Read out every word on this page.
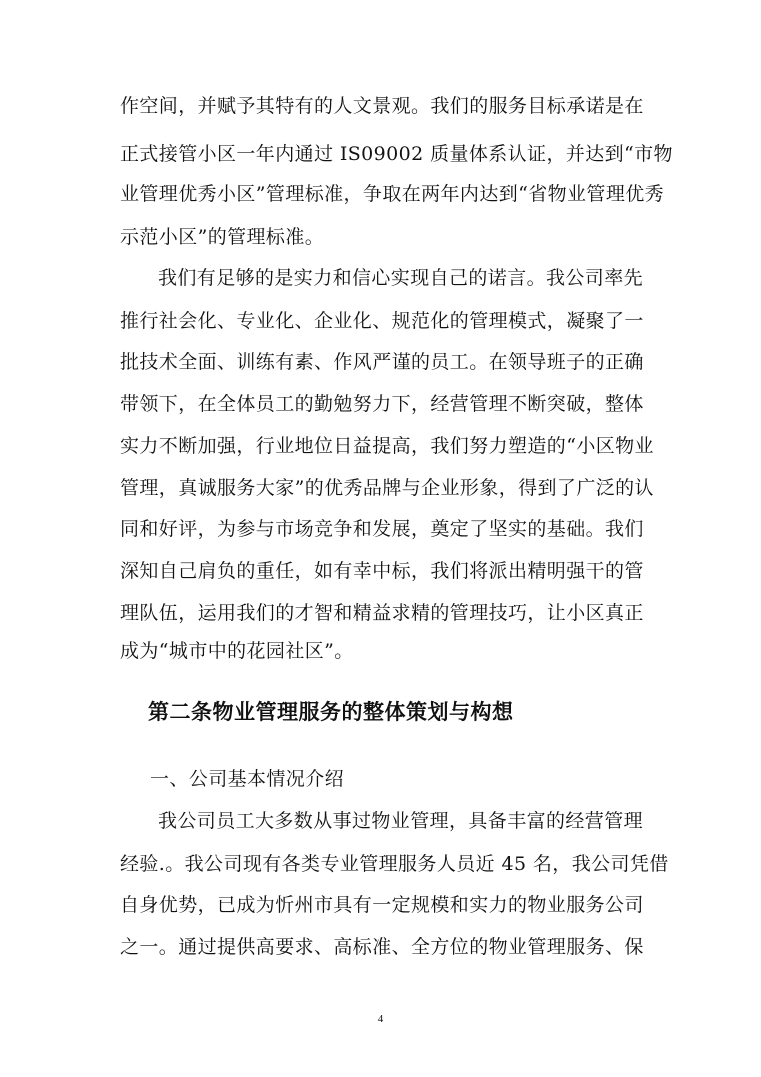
作空间，并赋予其特有的人文景观。我们的服务目标承诺是在
正式接管小区一年内通过 IS09002 质量体系认证，并达到“市物
业管理优秀小区”管理标准，争取在两年内达到“省物业管理优秀
示范小区”的管理标准。
我们有足够的是实力和信心实现自己的诺言。我公司率先
推行社会化、专业化、企业化、规范化的管理模式，凝聚了一
批技术全面、训练有素、作风严谨的员工。在领导班子的正确
带领下，在全体员工的勤勉努力下，经营管理不断突破，整体
实力不断加强，行业地位日益提高，我们努力塑造的“小区物业
管理，真诚服务大家”的优秀品牌与企业形象，得到了广泛的认
同和好评，为参与市场竞争和发展，奠定了坚实的基础。我们
深知自己肩负的重任，如有幸中标，我们将派出精明强干的管
理队伍，运用我们的才智和精益求精的管理技巧，让小区真正
成为“城市中的花园社区”。
第二条物业管理服务的整体策划与构想
一、公司基本情况介绍
我公司员工大多数从事过物业管理，具备丰富的经营管理
经验.。我公司现有各类专业管理服务人员近 45 名，我公司凭借
自身优势，已成为忻州市具有一定规模和实力的物业服务公司
之一。通过提供高要求、高标准、全方位的物业管理服务、保
4
